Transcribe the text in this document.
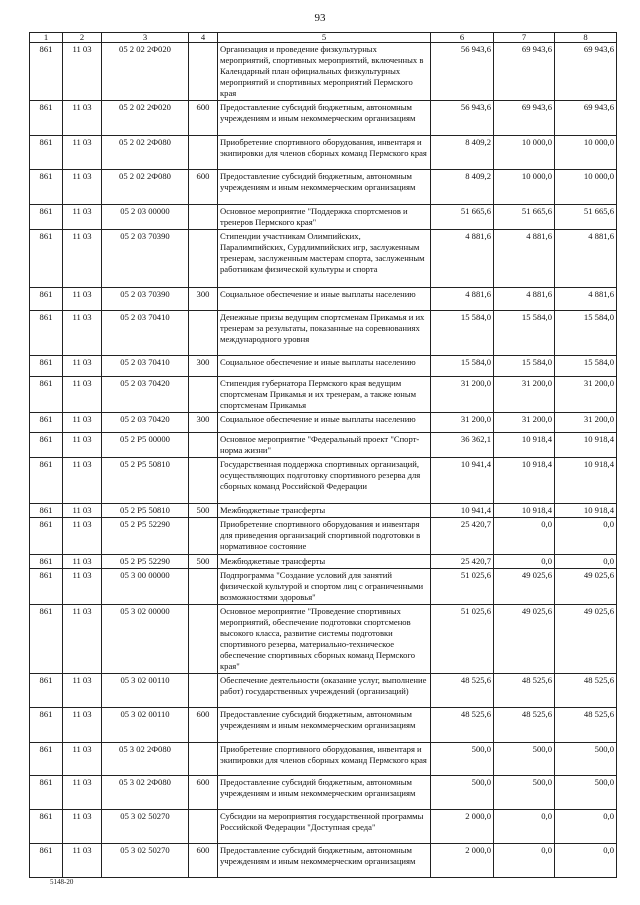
93
1	2	3	4	5	6	7	8
861	11 03	05 2 02 2Ф020		Организация и проведение физкультурных мероприятий, спортивных мероприятий, включенных в Календарный план официальных физкультурных мероприятий и спортивных мероприятий Пермского края	56 943,6	69 943,6	69 943,6
861	11 03	05 2 02 2Ф020	600	Предоставление субсидий бюджетным, автономным учреждениям и иным некоммерческим организациям	56 943,6	69 943,6	69 943,6
861	11 03	05 2 02 2Ф080		Приобретение спортивного оборудования, инвентаря и экипировки для членов сборных команд Пермского края	8 409,2	10 000,0	10 000,0
861	11 03	05 2 02 2Ф080	600	Предоставление субсидий бюджетным, автономным учреждениям и иным некоммерческим организациям	8 409,2	10 000,0	10 000,0
861	11 03	05 2 03 00000		Основное мероприятие "Поддержка спортсменов и тренеров Пермского края"	51 665,6	51 665,6	51 665,6
861	11 03	05 2 03 70390		Стипендии участникам Олимпийских, Паралимпийских, Сурдлимпийских игр, заслуженным тренерам, заслуженным мастерам спорта, заслуженным работникам физической культуры и спорта	4 881,6	4 881,6	4 881,6
861	11 03	05 2 03 70390	300	Социальное обеспечение и иные выплаты населению	4 881,6	4 881,6	4 881,6
861	11 03	05 2 03 70410		Денежные призы ведущим спортсменам Прикамья и их тренерам за результаты, показанные на соревнованиях международного уровня	15 584,0	15 584,0	15 584,0
861	11 03	05 2 03 70410	300	Социальное обеспечение и иные выплаты населению	15 584,0	15 584,0	15 584,0
861	11 03	05 2 03 70420		Стипендия губернатора Пермского края ведущим спортсменам Прикамья и их тренерам, а также юным спортсменам Прикамья	31 200,0	31 200,0	31 200,0
861	11 03	05 2 03 70420	300	Социальное обеспечение и иные выплаты населению	31 200,0	31 200,0	31 200,0
861	11 03	05 2 P5 00000		Основное мероприятие "Федеральный проект "Спорт-норма жизни"	36 362,1	10 918,4	10 918,4
861	11 03	05 2 P5 50810		Государственная поддержка спортивных организаций, осуществляющих подготовку спортивного резерва для сборных команд Российской Федерации	10 941,4	10 918,4	10 918,4
861	11 03	05 2 P5 50810	500	Межбюджетные трансферты	10 941,4	10 918,4	10 918,4
861	11 03	05 2 P5 52290		Приобретение спортивного оборудования и инвентаря для приведения организаций спортивной подготовки в нормативное состояние	25 420,7	0,0	0,0
861	11 03	05 2 P5 52290	500	Межбюджетные трансферты	25 420,7	0,0	0,0
861	11 03	05 3 00 00000		Подпрограмма "Создание условий для занятий физической культурой и спортом лиц с ограниченными возможностями здоровья"	51 025,6	49 025,6	49 025,6
861	11 03	05 3 02 00000		Основное мероприятие "Проведение спортивных мероприятий, обеспечение подготовки спортсменов высокого класса, развитие системы подготовки спортивного резерва, материально-техническое обеспечение спортивных сборных команд Пермского края"	51 025,6	49 025,6	49 025,6
861	11 03	05 3 02 00110		Обеспечение деятельности (оказание услуг, выполнение работ) государственных учреждений (организаций)	48 525,6	48 525,6	48 525,6
861	11 03	05 3 02 00110	600	Предоставление субсидий бюджетным, автономным учреждениям и иным некоммерческим организациям	48 525,6	48 525,6	48 525,6
861	11 03	05 3 02 2Ф080		Приобретение спортивного оборудования, инвентаря и экипировки для членов сборных команд Пермского края	500,0	500,0	500,0
861	11 03	05 3 02 2Ф080	600	Предоставление субсидий бюджетным, автономным учреждениям и иным некоммерческим организациям	500,0	500,0	500,0
861	11 03	05 3 02 50270		Субсидии на мероприятия государственной программы Российской Федерации "Доступная среда"	2 000,0	0,0	0,0
861	11 03	05 3 02 50270	600	Предоставление субсидий бюджетным, автономным учреждениям и иным некоммерческим организациям	2 000,0	0,0	0,0
5148-20
